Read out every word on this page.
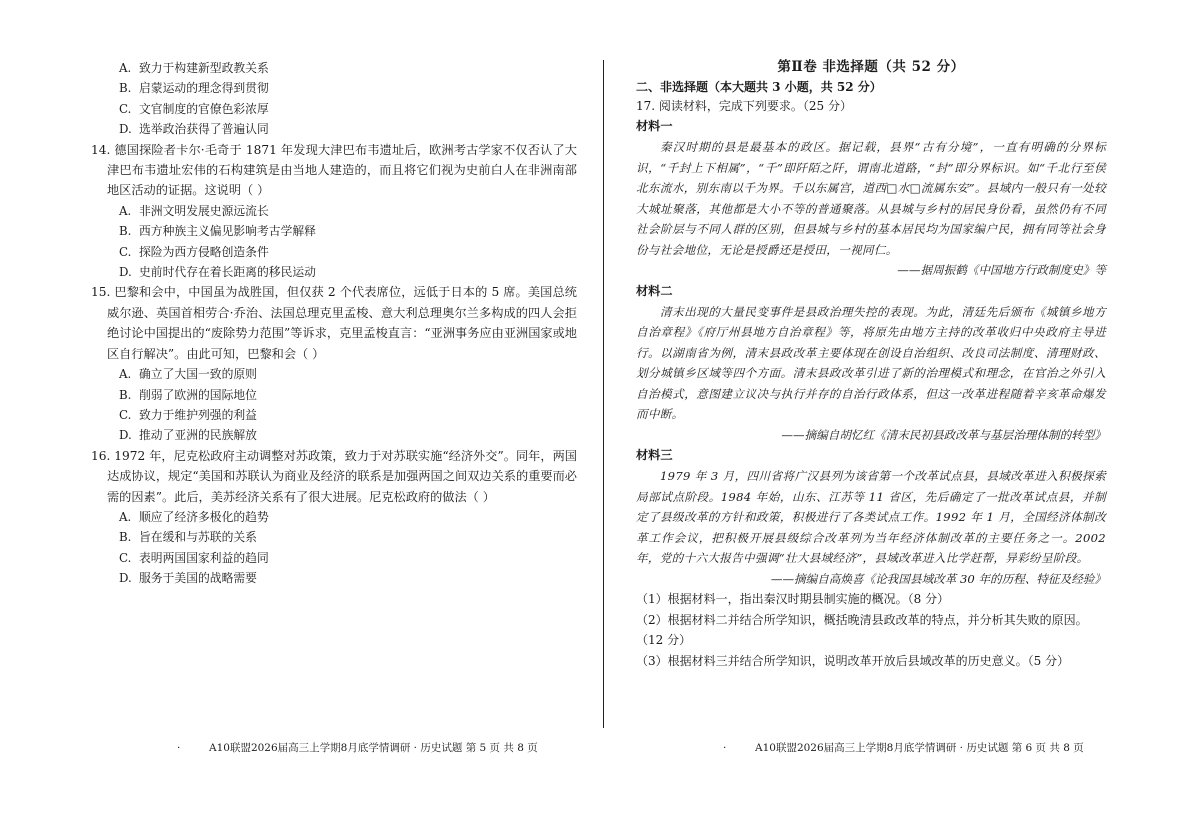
A. 致力于构建新型政教关系

B. 启蒙运动的理念得到贯彻

C. 文官制度的官僚色彩浓厚

D. 选举政治获得了普遍认同

14. 德国探险者卡尔·毛奇于 1871 年发现大津巴布韦遗址后，欧洲考古学家不仅否认了大津巴布韦遗址宏伟的石构建筑是由当地人建造的，而且将它们视为史前白人在非洲南部地区活动的证据。这说明（ ）

A. 非洲文明发展史源远流长

B. 西方种族主义偏见影响考古学解释

C. 探险为西方侵略创造条件

D. 史前时代存在着长距离的移民运动

15. 巴黎和会中，中国虽为战胜国，但仅获 2 个代表席位，远低于日本的 5 席。美国总统威尔逊、英国首相劳合·乔治、法国总理克里孟梭、意大利总理奥尔兰多构成的四人会拒绝讨论中国提出的“废除势力范围”等诉求，克里孟梭直言：“亚洲事务应由亚洲国家或地区自行解决”。由此可知，巴黎和会（ ）

A. 确立了大国一致的原则

B. 削弱了欧洲的国际地位

C. 致力于维护列强的利益

D. 推动了亚洲的民族解放

16. 1972 年，尼克松政府主动调整对苏政策，致力于对苏联实施“经济外交”。同年，两国达成协议，规定“美国和苏联认为商业及经济的联系是加强两国之间双边关系的重要而必需的因素”。此后，美苏经济关系有了很大进展。尼克松政府的做法（ ）

A. 顺应了经济多极化的趋势

B. 旨在缓和与苏联的关系

C. 表明两国国家利益的趋同

D. 服务于美国的战略需要

第Ⅱ卷 非选择题（共 52 分）

二、非选择题（本大题共 3 小题，共 52 分）

17. 阅读材料，完成下列要求。（25 分）

材料一

秦汉时期的县是最基本的政区。据记载，县界“古有分境”，一直有明确的分界标识，“千封上下相属”，“千”即阡陌之阡，谓南北道路，“封”即分界标识。如“千北行至侯北东流水，别东南以千为界。千以东属宫，道西□水□流属东安”。县域内一般只有一处较大城址聚落，其他都是大小不等的普通聚落。从县城与乡村的居民身份看，虽然仍有不同社会阶层与不同人群的区别，但县城与乡村的基本居民均为国家编户民，拥有同等社会身份与社会地位，无论是授爵还是授田，一视同仁。

——据周振鹤《中国地方行政制度史》等

材料二

清末出现的大量民变事件是县政治理失控的表现。为此，清廷先后颁布《城镇乡地方自治章程》《府厅州县地方自治章程》等，将原先由地方主持的改革收归中央政府主导进行。以湖南省为例，清末县政改革主要体现在创设自治组织、改良司法制度、清理财政、划分城镇乡区域等四个方面。清末县政改革引进了新的治理模式和理念，在官治之外引入自治模式，意图建立议决与执行并存的自治行政体系，但这一改革进程随着辛亥革命爆发而中断。

——摘编自胡忆红《清末民初县政改革与基层治理体制的转型》

材料三

1979 年 3 月，四川省将广汉县列为该省第一个改革试点县，县域改革进入积极探索局部试点阶段。1984 年始，山东、江苏等 11 省区，先后确定了一批改革试点县，并制定了县级改革的方针和政策，积极进行了各类试点工作。1992 年 1 月，全国经济体制改革工作会议，把积极开展县级综合改革列为当年经济体制改革的主要任务之一。2002 年，党的十六大报告中强调“壮大县域经济”，县域改革进入比学赶帮，异彩纷呈阶段。

——摘编自高焕喜《论我国县域改革 30 年的历程、特征及经验》

（1）根据材料一，指出秦汉时期县制实施的概况。（8 分）

（2）根据材料二并结合所学知识，概括晚清县政改革的特点，并分析其失败的原因。（12 分）

（3）根据材料三并结合所学知识，说明改革开放后县域改革的历史意义。（5 分）

·	A10联盟2026届高三上学期8月底学情调研 · 历史试题 第 5 页 共 8 页	·	A10联盟2026届高三上学期8月底学情调研 · 历史试题 第 6 页 共 8 页
